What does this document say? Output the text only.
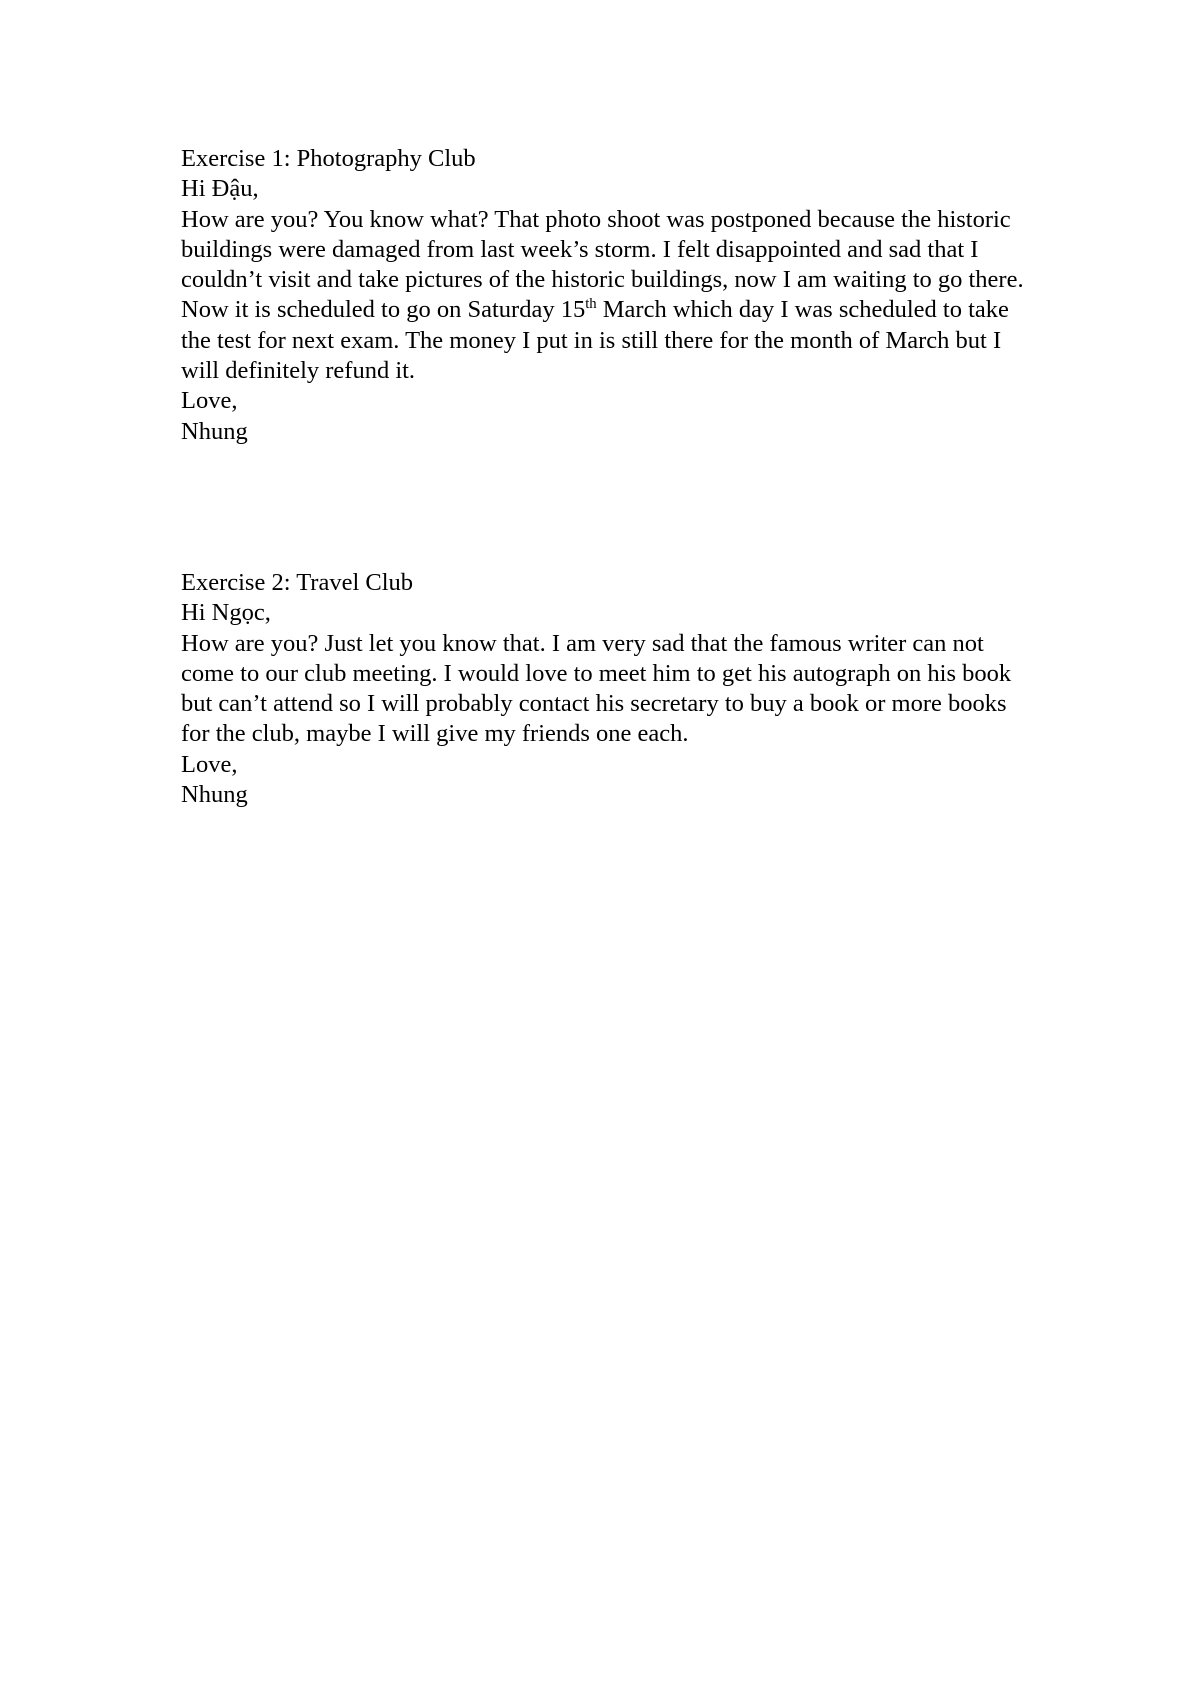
Exercise 1: Photography Club
Hi Đậu,
How are you? You know what? That photo shoot was postponed because the historic buildings were damaged from last week’s storm. I felt disappointed and sad that I couldn’t visit and take pictures of the historic buildings, now I am waiting to go there. Now it is scheduled to go on Saturday 15th March which day I was scheduled to take the test for next exam. The money I put in is still there for the month of March but I will definitely refund it.
Love,
Nhung
Exercise 2: Travel Club
Hi Ngọc,
How are you? Just let you know that. I am very sad that the famous writer can not come to our club meeting. I would love to meet him to get his autograph on his book but can’t attend so I will probably contact his secretary to buy a book or more books for the club, maybe I will give my friends one each.
Love,
Nhung
